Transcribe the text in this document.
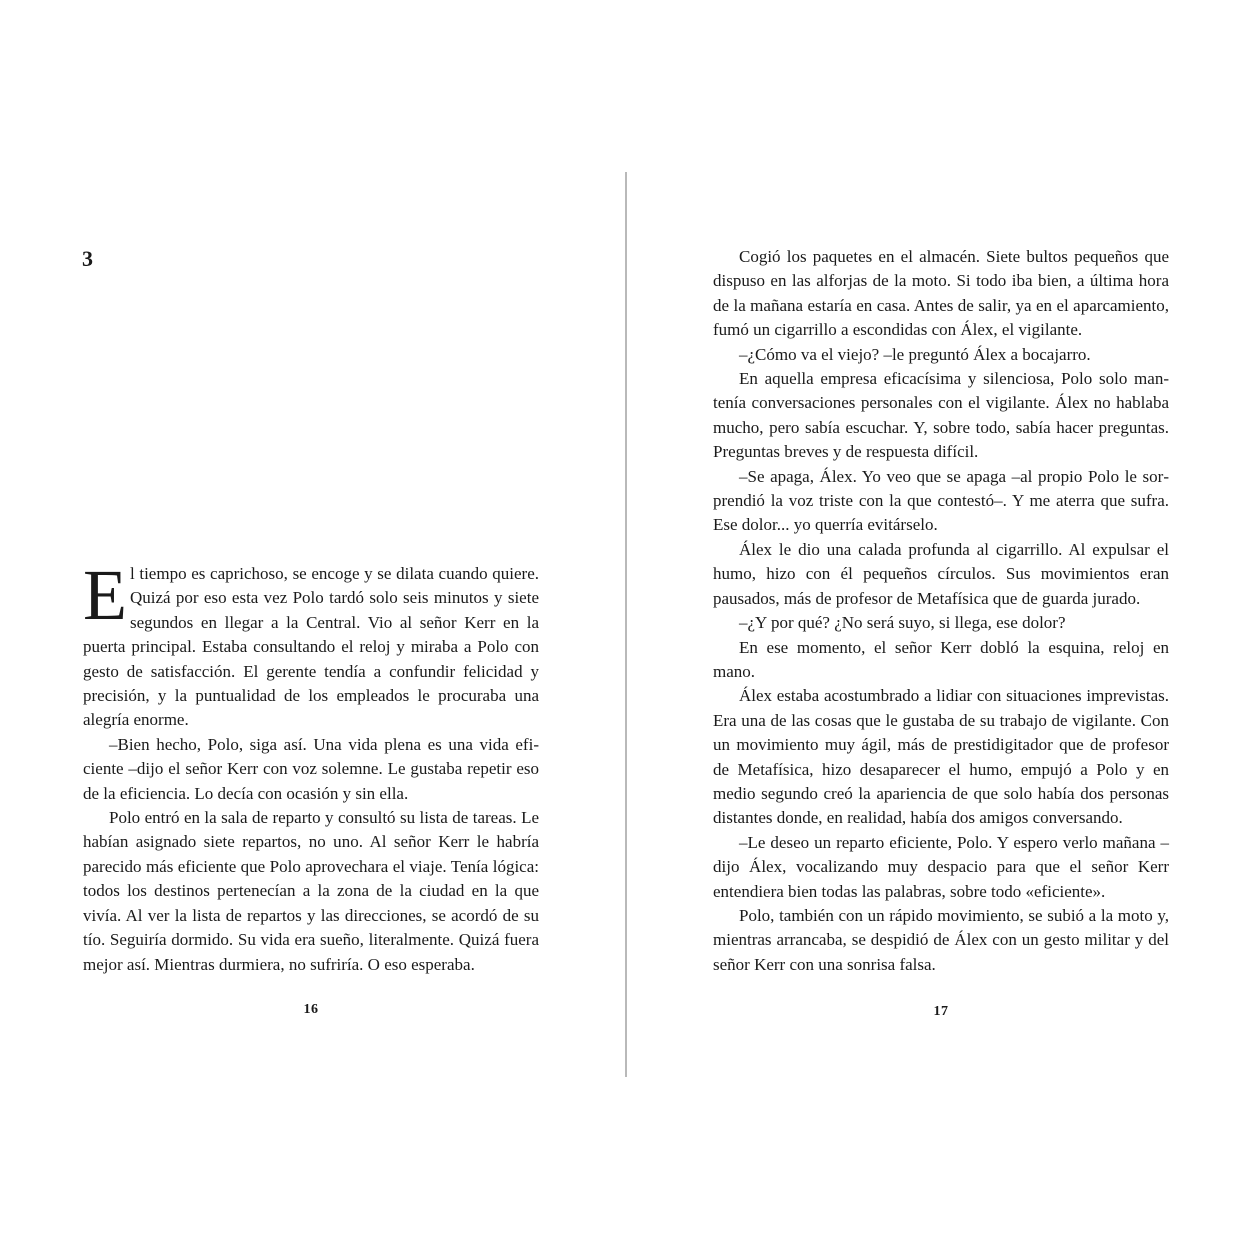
3

El tiempo es caprichoso, se encoge y se dilata cuando quiere. Quizá por eso esta vez Polo tardó solo seis minutos y siete segundos en llegar a la Central. Vio al señor Kerr en la puerta principal. Estaba consultando el reloj y miraba a Polo con gesto de satisfacción. El gerente tendía a confundir felicidad y precisión, y la puntualidad de los empleados le procuraba una alegría enorme.

–Bien hecho, Polo, siga así. Una vida plena es una vida eficiente –dijo el señor Kerr con voz solemne. Le gustaba repetir eso de la eficiencia. Lo decía con ocasión y sin ella.

Polo entró en la sala de reparto y consultó su lista de tareas. Le habían asignado siete repartos, no uno. Al señor Kerr le habría parecido más eficiente que Polo aprovechara el viaje. Tenía lógica: todos los destinos pertenecían a la zona de la ciudad en la que vivía. Al ver la lista de repartos y las direcciones, se acordó de su tío. Seguiría dormido. Su vida era sueño, literalmente. Quizá fuera mejor así. Mientras durmiera, no sufriría. O eso esperaba.

16

Cogió los paquetes en el almacén. Siete bultos pequeños que dispuso en las alforjas de la moto. Si todo iba bien, a última hora de la mañana estaría en casa. Antes de salir, ya en el aparcamiento, fumó un cigarrillo a escondidas con Álex, el vigilante.

–¿Cómo va el viejo? –le preguntó Álex a bocajarro.

En aquella empresa eficacísima y silenciosa, Polo solo mantenía conversaciones personales con el vigilante. Álex no hablaba mucho, pero sabía escuchar. Y, sobre todo, sabía hacer preguntas. Preguntas breves y de respuesta difícil.

–Se apaga, Álex. Yo veo que se apaga –al propio Polo le sorprendió la voz triste con la que contestó–. Y me aterra que sufra. Ese dolor... yo querría evitárselo.

Álex le dio una calada profunda al cigarrillo. Al expulsar el humo, hizo con él pequeños círculos. Sus movimientos eran pausados, más de profesor de Metafísica que de guarda jurado.

–¿Y por qué? ¿No será suyo, si llega, ese dolor?

En ese momento, el señor Kerr dobló la esquina, reloj en mano.

Álex estaba acostumbrado a lidiar con situaciones imprevistas. Era una de las cosas que le gustaba de su trabajo de vigilante. Con un movimiento muy ágil, más de prestidigitador que de profesor de Metafísica, hizo desaparecer el humo, empujó a Polo y en medio segundo creó la apariencia de que solo había dos personas distantes donde, en realidad, había dos amigos conversando.

–Le deseo un reparto eficiente, Polo. Y espero verlo mañana –dijo Álex, vocalizando muy despacio para que el señor Kerr entendiera bien todas las palabras, sobre todo «eficiente».

Polo, también con un rápido movimiento, se subió a la moto y, mientras arrancaba, se despidió de Álex con un gesto militar y del señor Kerr con una sonrisa falsa.

17
